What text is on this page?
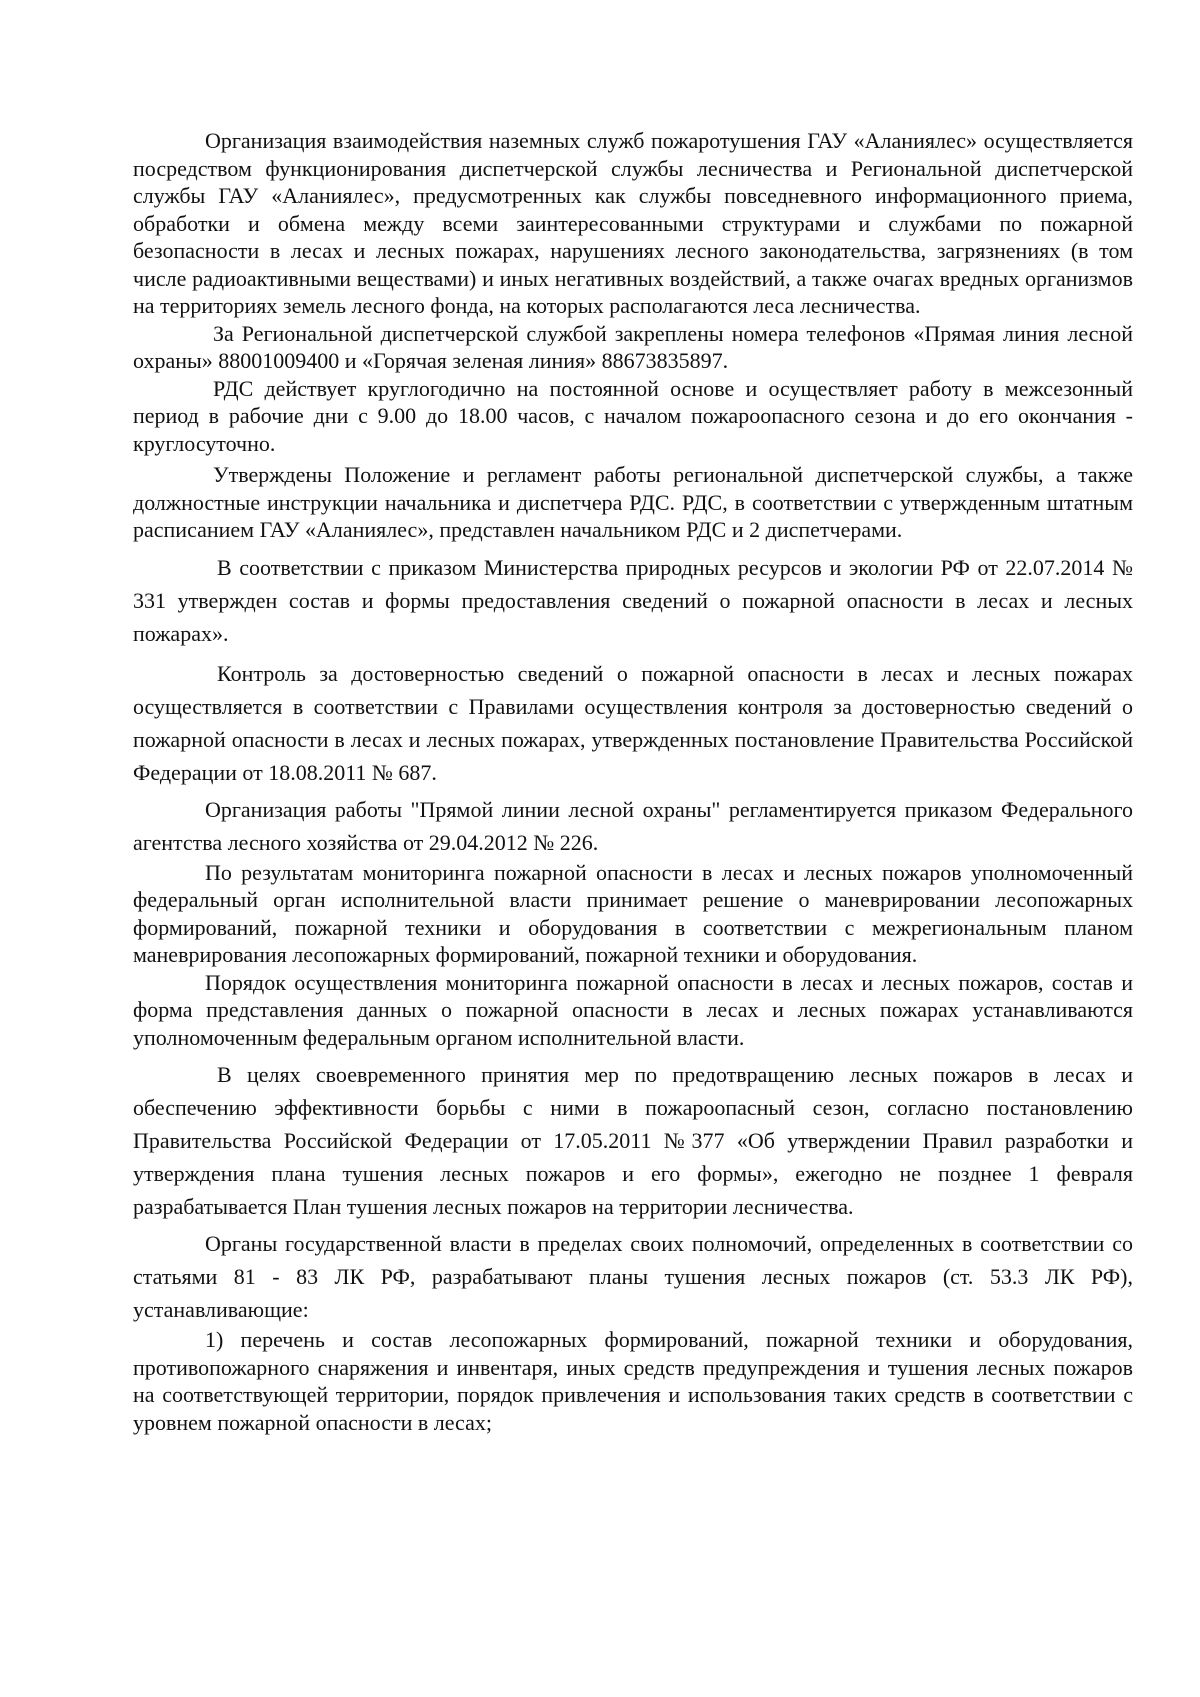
Организация взаимодействия наземных служб пожаротушения ГАУ «Аланиялес» осуществляется посредством функционирования диспетчерской службы лесничества и Региональной диспетчерской службы ГАУ «Аланиялес», предусмотренных как службы повседневного информационного приема, обработки и обмена между всеми заинтересованными структурами и службами по пожарной безопасности в лесах и лесных пожарах, нарушениях лесного законодательства, загрязнениях (в том числе радиоактивными веществами) и иных негативных воздействий, а также очагах вредных организмов на территориях земель лесного фонда, на которых располагаются леса лесничества.

За Региональной диспетчерской службой закреплены номера телефонов «Прямая линия лесной охраны» 88001009400 и «Горячая зеленая линия» 88673835897.

РДС действует круглогодично на постоянной основе и осуществляет работу в межсезонный период в рабочие дни с 9.00 до 18.00 часов, с началом пожароопасного сезона и до его окончания - круглосуточно.

Утверждены Положение и регламент работы региональной диспетчерской службы, а также должностные инструкции начальника и диспетчера РДС. РДС, в соответствии с утвержденным штатным расписанием ГАУ «Аланиялес», представлен начальником РДС и 2 диспетчерами.

В соответствии с приказом Министерства природных ресурсов и экологии РФ от 22.07.2014 № 331 утвержден состав и формы предоставления сведений о пожарной опасности в лесах и лесных пожарах».

Контроль за достоверностью сведений о пожарной опасности в лесах и лесных пожарах осуществляется в соответствии с Правилами осуществления контроля за достоверностью сведений о пожарной опасности в лесах и лесных пожарах, утвержденных постановление Правительства Российской Федерации от 18.08.2011 № 687.

Организация работы "Прямой линии лесной охраны" регламентируется приказом Федерального агентства лесного хозяйства от 29.04.2012 № 226.

По результатам мониторинга пожарной опасности в лесах и лесных пожаров уполномоченный федеральный орган исполнительной власти принимает решение о маневрировании лесопожарных формирований, пожарной техники и оборудования в соответствии с межрегиональным планом маневрирования лесопожарных формирований, пожарной техники и оборудования.

Порядок осуществления мониторинга пожарной опасности в лесах и лесных пожаров, состав и форма представления данных о пожарной опасности в лесах и лесных пожарах устанавливаются уполномоченным федеральным органом исполнительной власти.

В целях своевременного принятия мер по предотвращению лесных пожаров в лесах и обеспечению эффективности борьбы с ними в пожароопасный сезон, согласно постановлению Правительства Российской Федерации от 17.05.2011 №377 «Об утверждении Правил разработки и утверждения плана тушения лесных пожаров и его формы», ежегодно не позднее 1 февраля разрабатывается План тушения лесных пожаров на территории лесничества.

Органы государственной власти в пределах своих полномочий, определенных в соответствии со статьями 81 - 83 ЛК РФ, разрабатывают планы тушения лесных пожаров (ст. 53.3 ЛК РФ), устанавливающие:

1) перечень и состав лесопожарных формирований, пожарной техники и оборудования, противопожарного снаряжения и инвентаря, иных средств предупреждения и тушения лесных пожаров на соответствующей территории, порядок привлечения и использования таких средств в соответствии с уровнем пожарной опасности в лесах;
